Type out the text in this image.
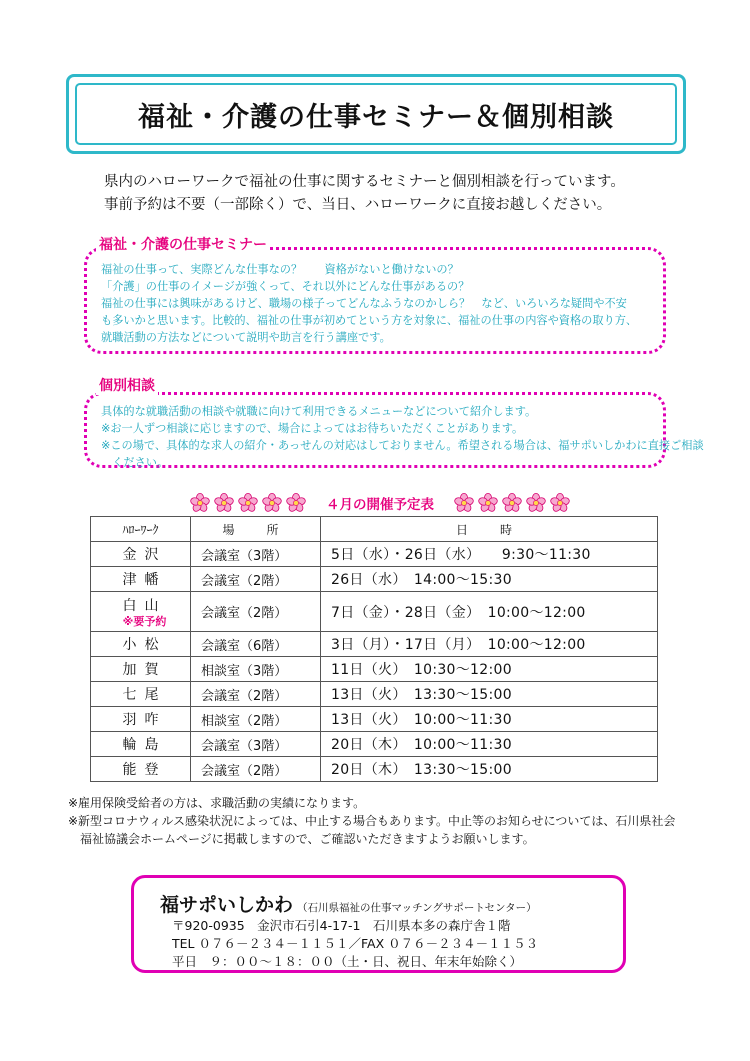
福祉・介護の仕事セミナー＆個別相談

県内のハローワークで福祉の仕事に関するセミナーと個別相談を行っています。

事前予約は不要（一部除く）で、当日、ハローワークに直接お越しください。

福祉・介護の仕事セミナー

福祉の仕事って、実際どんな仕事なの？　　資格がないと働けないの？

「介護」の仕事のイメージが強くって、それ以外にどんな仕事があるの？

福祉の仕事には興味があるけど、職場の様子ってどんなふうなのかしら？　など、いろいろな疑問や不安

も多いかと思います。比較的、福祉の仕事が初めてという方を対象に、福祉の仕事の内容や資格の取り方、

就職活動の方法などについて説明や助言を行う講座です。

個別相談

具体的な就職活動の相談や就職に向けて利用できるメニューなどについて紹介します。

※お一人ずつ相談に応じますので、場合によってはお待ちいただくことがあります。

※この場で、具体的な求人の紹介・あっせんの対応はしておりません。希望される場合は、福サポいしかわに直接ご相談

　ください。

４月の開催予定表
ﾊﾛｰﾜｰｸ	場　所	日　時
金沢	会議室（3階）	5日（水）・26日（水）　　9:30～11:30
津幡	会議室（2階）	26日（水）　14:00～15:30
白山
※要予約	会議室（2階）	7日（金）・28日（金）　10:00～12:00
小松	会議室（6階）	3日（月）・17日（月）　10:00～12:00
加賀	相談室（3階）	11日（火）　10:30～12:00
七尾	会議室（2階）	13日（火）　13:30～15:00
羽咋	相談室（2階）	13日（火）　10:00～11:30
輪島	会議室（3階）	20日（木）　10:00～11:30
能登	会議室（2階）	20日（木）　13:30～15:00

※雇用保険受給者の方は、求職活動の実績になります。

※新型コロナウィルス感染状況によっては、中止する場合もあります。中止等のお知らせについては、石川県社会

　福祉協議会ホームページに掲載しますので、ご確認いただきますようお願いします。

福サポいしかわ （石川県福祉の仕事マッチングサポートセンター）

〒920-0935　金沢市石引4-17-1　石川県本多の森庁舎１階

TEL ０７６－２３４－１１５１／FAX ０７６－２３４－１１５３

平日　９：００～１８：００（土・日、祝日、年末年始除く）
